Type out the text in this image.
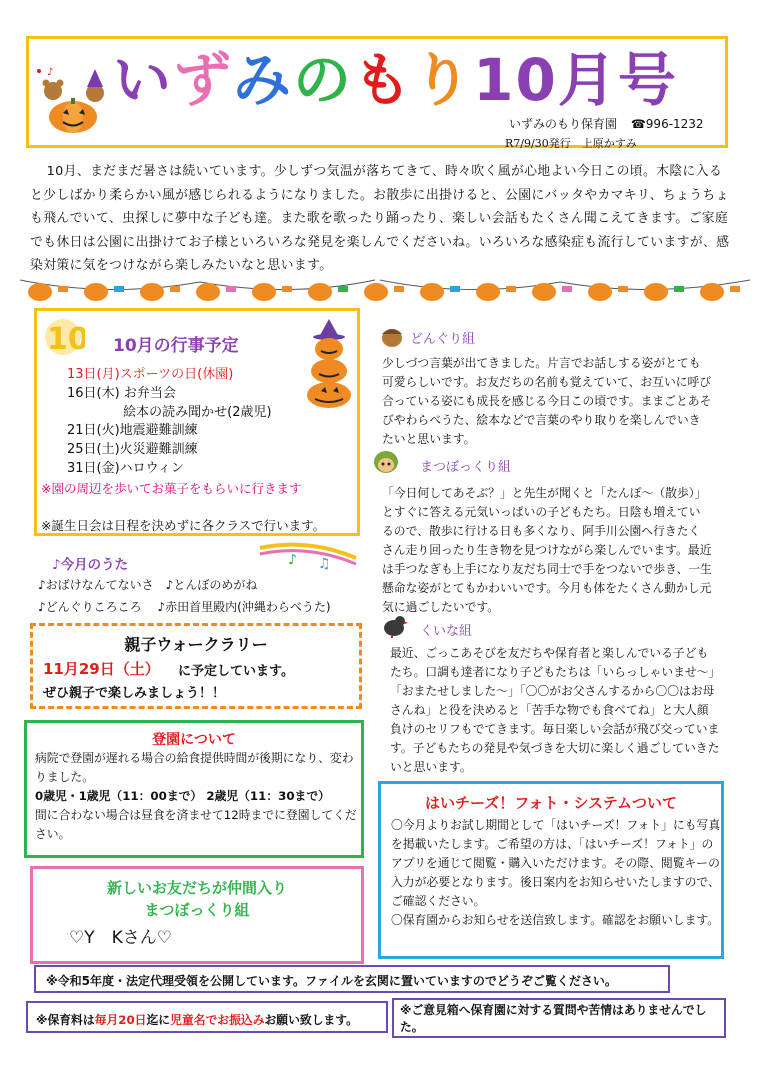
♪ いずみのもり10月号
いずみのもり保育園 ☎996-1232
R7/9/30発行　上原かすみ
10月、まだまだ暑さは続いています。少しずつ気温が落ちてきて、時々吹く風が心地よい今日この頃。木陰に入ると少しばかり柔らかい風が感じられるようになりました。お散歩に出掛けると、公園にバッタやカマキリ、ちょうちょも飛んでいて、虫探しに夢中な子ども達。また歌を歌ったり踊ったり、楽しい会話もたくさん聞こえてきます。ご家庭でも休日は公園に出掛けてお子様といろいろな発見を楽しんでくださいね。いろいろな感染症も流行していますが、感染対策に気をつけながら楽しみたいなと思います。
10 10月の行事予定
13日(月)スポーツの日(休園)
16日(木) お弁当会
　　　　 絵本の読み聞かせ(2歳児)
21日(火)地震避難訓練
25日(土)火災避難訓練
31日(金)ハロウィン
※園の周辺を歩いてお菓子をもらいに行きます
※誕生日会は日程を決めずに各クラスで行います。
♪今月のうた	♪ ♫
♪おばけなんてないさ　♪とんぼのめがね
♪どんぐりころころ　 ♪赤田首里殿内(沖縄わらべうた)
親子ウォークラリー
11月29日（土） に予定しています。
ぜひ親子で楽しみましょう！！
登園について
病院で登園が遅れる場合の給食提供時間が後期になり、変わりました。
0歳児・1歳児（11：00まで） 2歳児（11：30まで）
間に合わない場合は昼食を済ませて12時までに登園してください。
新しいお友だちが仲間入り
まつぼっくり組
♡Y　Kさん♡
どんぐり組
少しづつ言葉が出てきました。片言でお話しする姿がとても可愛らしいです。お友だちの名前も覚えていて、お互いに呼び合っている姿にも成長を感じる今日この頃です。ままごとあそびやわらべうた、絵本などで言葉のやり取りを楽しんでいきたいと思います。
まつぼっくり組
「今日何してあそぶ？」と先生が聞くと「たんぽ～（散歩）」とすぐに答える元気いっぱいの子どもたち。日陰も増えているので、散歩に行ける日も多くなり、阿手川公園へ行きたくさん走り回ったり生き物を見つけながら楽しんでいます。最近は手つなぎも上手になり友だち同士で手をつないで歩き、一生懸命な姿がとてもかわいいです。今月も体をたくさん動かし元気に過ごしたいです。
くいな組
最近、ごっこあそびを友だちや保育者と楽しんでいる子どもたち。口調も達者になり子どもたちは「いらっしゃいませ～」「おまたせしました～」「〇〇がお父さんするから〇〇はお母さんね」と役を決めると「苦手な物でも食べてね」と大人顔負けのセリフもでてきます。毎日楽しい会話が飛び交っています。子どもたちの発見や気づきを大切に楽しく過ごしていきたいと思います。
はいチーズ！フォト・システムついて
〇今月よりお試し期間として「はいチーズ！フォト」にも写真を掲載いたします。ご希望の方は、「はいチーズ！フォト」のアプリを通じて閲覧・購入いただけます。その際、閲覧キーの入力が必要となります。後日案内をお知らせいたしますので、ご確認ください。
〇保育園からお知らせを送信致します。確認をお願いします。
※令和5年度・法定代理受領を公開しています。ファイルを玄関に置いていますのでどうぞご覧ください。
※保育料は毎月20日迄に児童名でお振込みお願い致します。
※ご意見箱へ保育園に対する質問や苦情はありませんでした。
